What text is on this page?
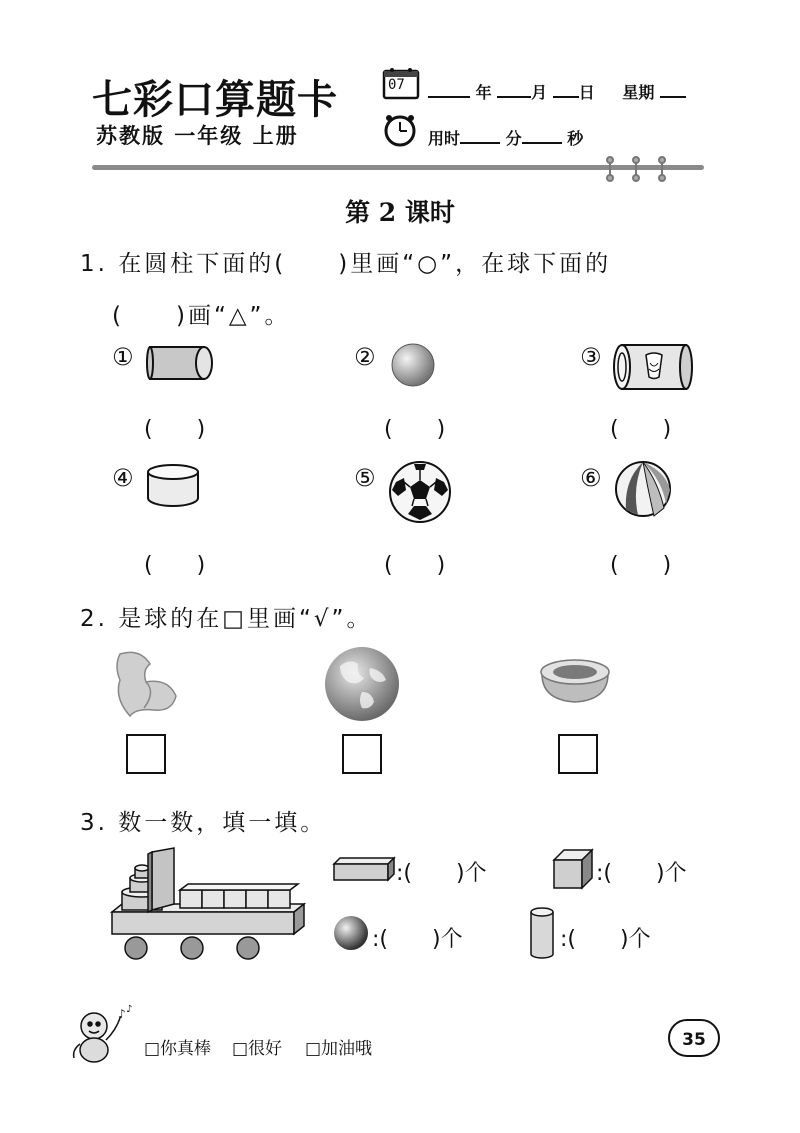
七彩口算题卡
苏教版 一年级 上册
07	年 月 日 星期
用时	分	秒
第 2 课时
1. 在圆柱下面的(　　)里画“○”，在球下面的
(　　)画“△”。
①
(　　)
②
(　　)
③
(　　)
④
(　　)
⑤
(　　)
⑥
(　　)
2. 是球的在□里画“√”。
3. 数一数，填一填。
:(　　)个	:(　　)个
:(　　)个	:(　　)个
♪ ♪
□你真棒 □很好 □加油哦	35
